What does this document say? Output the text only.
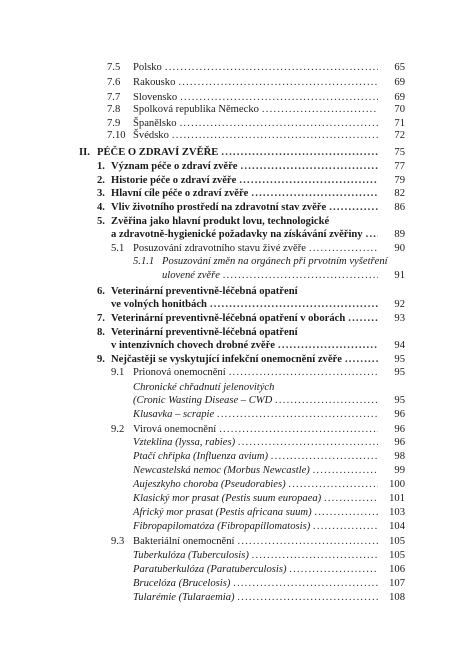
7.5 Polsko .....	65
7.6 Rakousko .....	69
7.7 Slovensko .....	69
7.8 Spolková republika Německo .....	70
7.9 Španělsko .....	71
7.10 Švédsko .....	72
II. PÉČE O ZDRAVÍ ZVĚŘE .....	75
1. Význam péče o zdraví zvěře .....	77
2. Historie péče o zdraví zvěře .....	79
3. Hlavní cíle péče o zdraví zvěře .....	82
4. Vliv životního prostředí na zdravotní stav zvěře .....	86
5. Zvěřina jako hlavní produkt lovu, technologické
a zdravotně-hygienické požadavky na získávání zvěřiny .....	89
5.1 Posuzování zdravotního stavu živé zvěře .....	90
5.1.1 Posuzování změn na orgánech při prvotním vyšetření
ulovené zvěře .....	91
6. Veterinární preventivně-léčebná opatření
ve volných honitbách .....	92
7. Veterinární preventivně-léčebná opatření v oborách .....	93
8. Veterinární preventivně-léčebná opatření
v intenzivních chovech drobné zvěře .....	94
9. Nejčastěji se vyskytující infekční onemocnění zvěře .....	95
9.1 Prionová onemocnění .....	95
Chronické chřadnutí jelenovitých
(Cronic Wasting Disease – CWD .....	95
Klusavka – scrapie .....	96
9.2 Virová onemocnění .....	96
Vzteklina (lyssa, rabies) .....	96
Ptačí chřipka (Influenza avium) .....	98
Newcastelská nemoc (Morbus Newcastle) .....	99
Aujeszkyho choroba (Pseudorabies) .....	100
Klasický mor prasat (Pestis suum europaea) .....	101
Africký mor prasat (Pestis africana suum) .....	103
Fibropapilomatóza (Fibropapillomatosis) .....	104
9.3 Bakteriální onemocnění .....	105
Tuberkulóza (Tuberculosis) .....	105
Paratuberkulóza (Paratuberculosis) .....	106
Brucelóza (Brucelosis) .....	107
Tularémie (Tularaemia) .....	108
